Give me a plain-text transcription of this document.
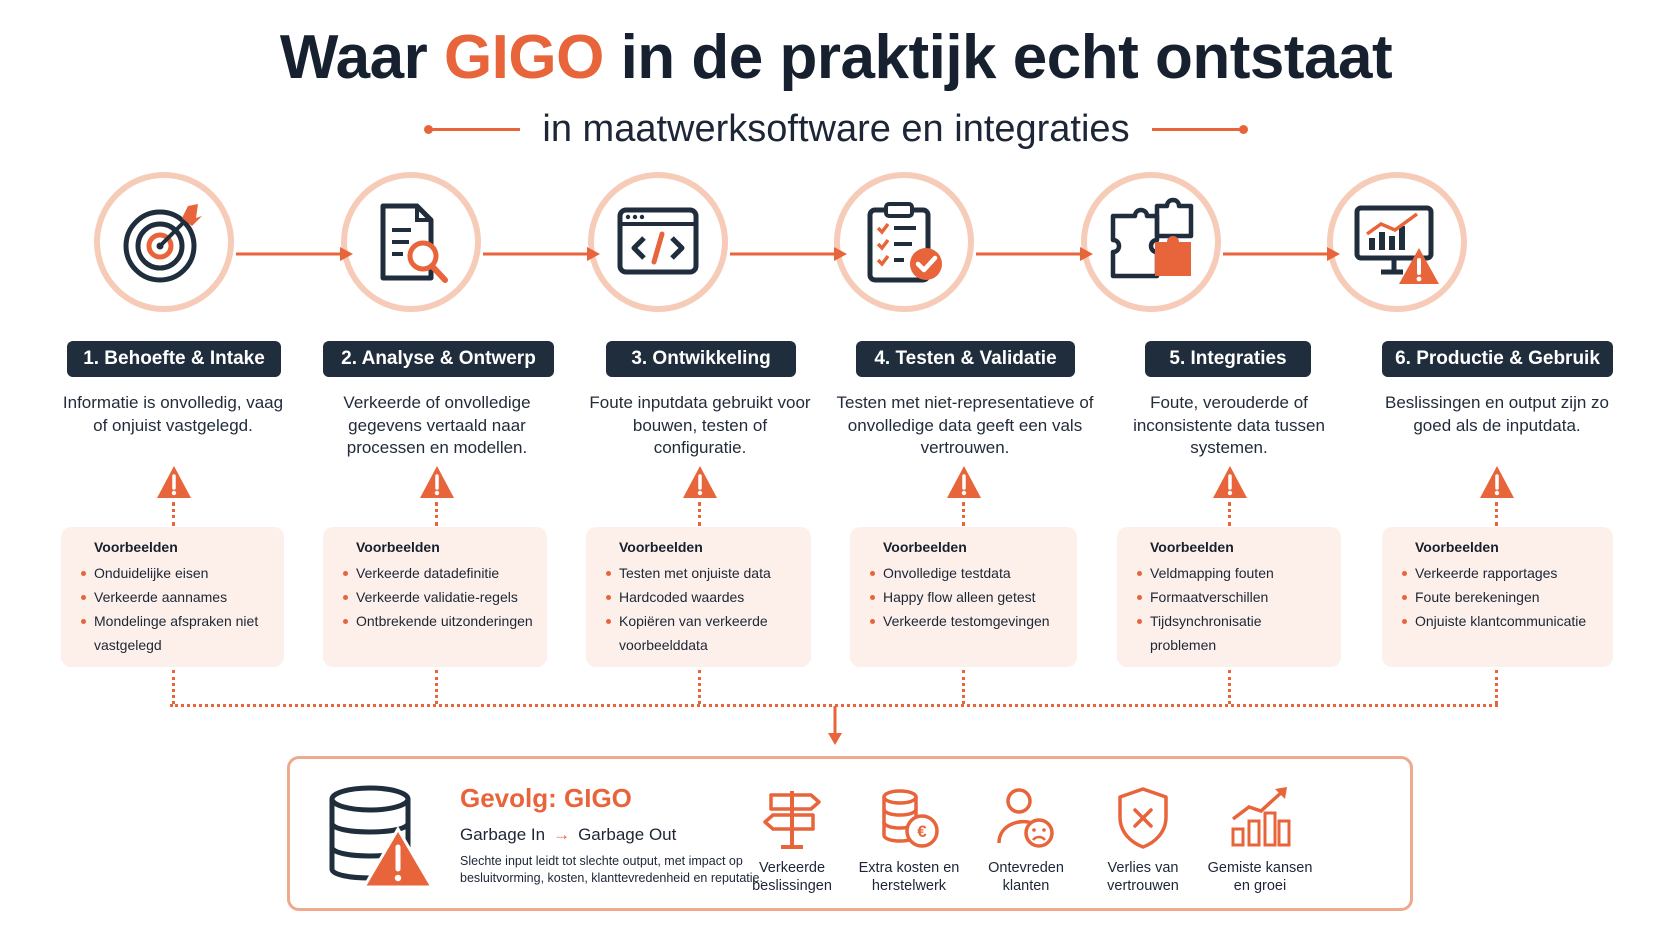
Waar GIGO in de praktijk echt ontstaat
in maatwerksoftware en integraties
1. Behoefte & Intake	2. Analyse & Ontwerp	3. Ontwikkeling	4. Testen & Validatie	5. Integraties	6. Productie & Gebruik
Informatie is onvolledig, vaag of onjuist vastgelegd.
Verkeerde of onvolledige gegevens vertaald naar processen en modellen.
Foute inputdata gebruikt voor bouwen, testen of configuratie.
Testen met niet-representatieve of onvolledige data geeft een vals vertrouwen.
Foute, verouderde of inconsistente data tussen systemen.
Beslissingen en output zijn zo goed als de inputdata.
Voorbeelden
Onduidelijke eisen
Verkeerde aannames
Mondelinge afspraken niet vastgelegd
Voorbeelden
Verkeerde datadefinitie
Verkeerde validatie-regels
Ontbrekende uitzonderingen
Voorbeelden
Testen met onjuiste data
Hardcoded waardes
Kopiëren van verkeerde voorbeelddata
Voorbeelden
Onvolledige testdata
Happy flow alleen getest
Verkeerde testomgevingen
Voorbeelden
Veldmapping fouten
Formaatverschillen
Tijdsynchronisatie problemen
Voorbeelden
Verkeerde rapportages
Foute berekeningen
Onjuiste klantcommunicatie
Gevolg: GIGO
Garbage In → Garbage Out
Slechte input leidt tot slechte output, met impact op besluitvorming, kosten, klanttevredenheid en reputatie.
Verkeerde beslissingen
€
Extra kosten en herstelwerk
Ontevreden klanten
Verlies van vertrouwen
Gemiste kansen en groei
